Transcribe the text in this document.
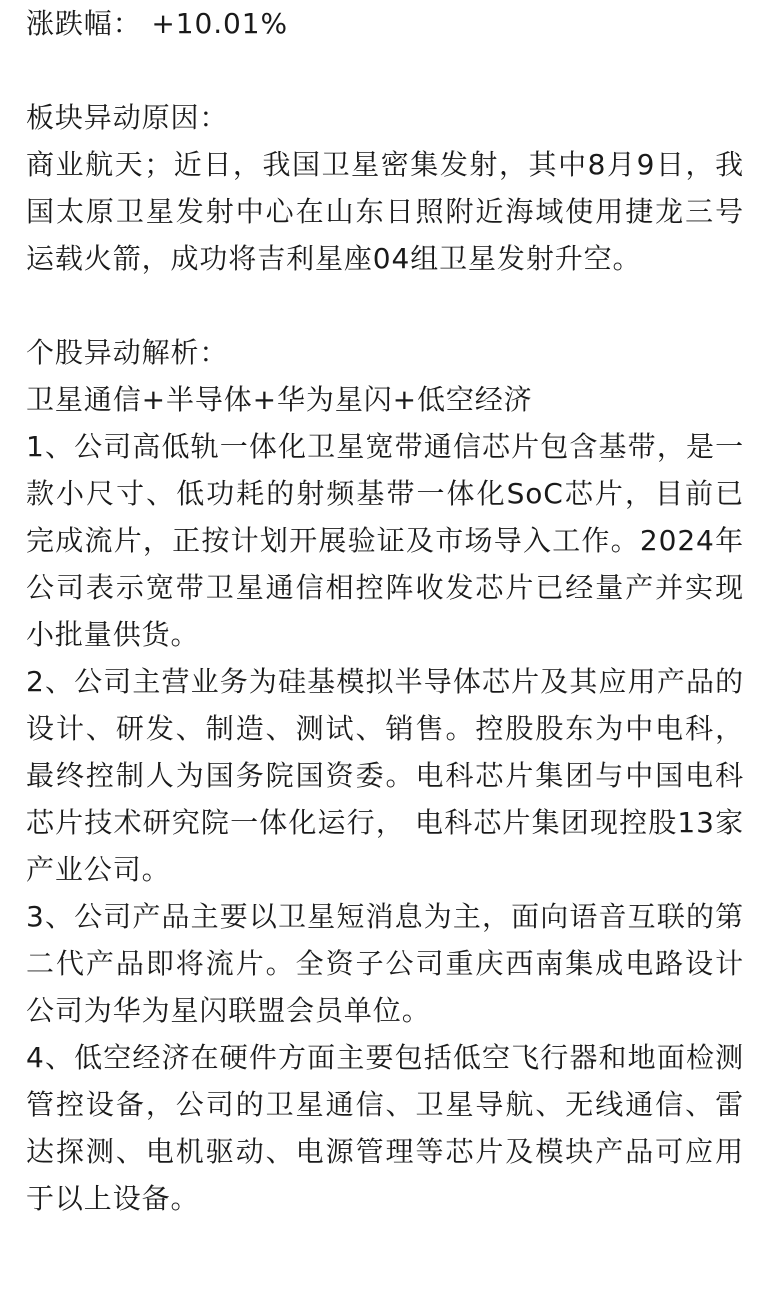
涨跌幅： +10.01%

板块异动原因：

商业航天；近日，我国卫星密集发射，其中8月9日，我国太原卫星发射中心在山东日照附近海域使用捷龙三号运载火箭，成功将吉利星座04组卫星发射升空。

个股异动解析：

卫星通信+半导体+华为星闪+低空经济

1、公司高低轨一体化卫星宽带通信芯片包含基带，是一款小尺寸、低功耗的射频基带一体化SoC芯片，目前已完成流片，正按计划开展验证及市场导入工作。2024年公司表示宽带卫星通信相控阵收发芯片已经量产并实现小批量供货。

2、公司主营业务为硅基模拟半导体芯片及其应用产品的设计、研发、制造、测试、销售。控股股东为中电科，最终控制人为国务院国资委。电科芯片集团与中国电科芯片技术研究院一体化运行， 电科芯片集团现控股13家产业公司。

3、公司产品主要以卫星短消息为主，面向语音互联的第二代产品即将流片。全资子公司重庆西南集成电路设计公司为华为星闪联盟会员单位。

4、低空经济在硬件方面主要包括低空飞行器和地面检测管控设备，公司的卫星通信、卫星导航、无线通信、雷达探测、电机驱动、电源管理等芯片及模块产品可应用于以上设备。
